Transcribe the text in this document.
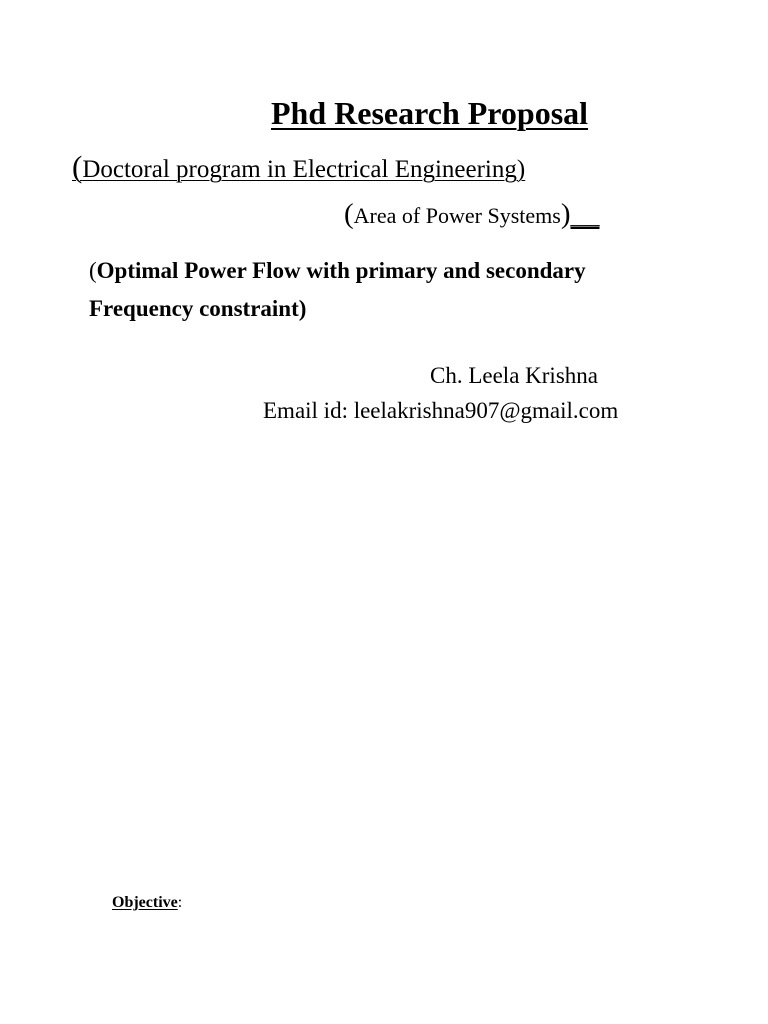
Phd Research Proposal
(Doctoral program in Electrical Engineering)
(Area of Power Systems)__
(Optimal Power Flow with primary and secondary Frequency constraint)
Ch. Leela Krishna
Email id: leelakrishna907@gmail.com
Objective:
